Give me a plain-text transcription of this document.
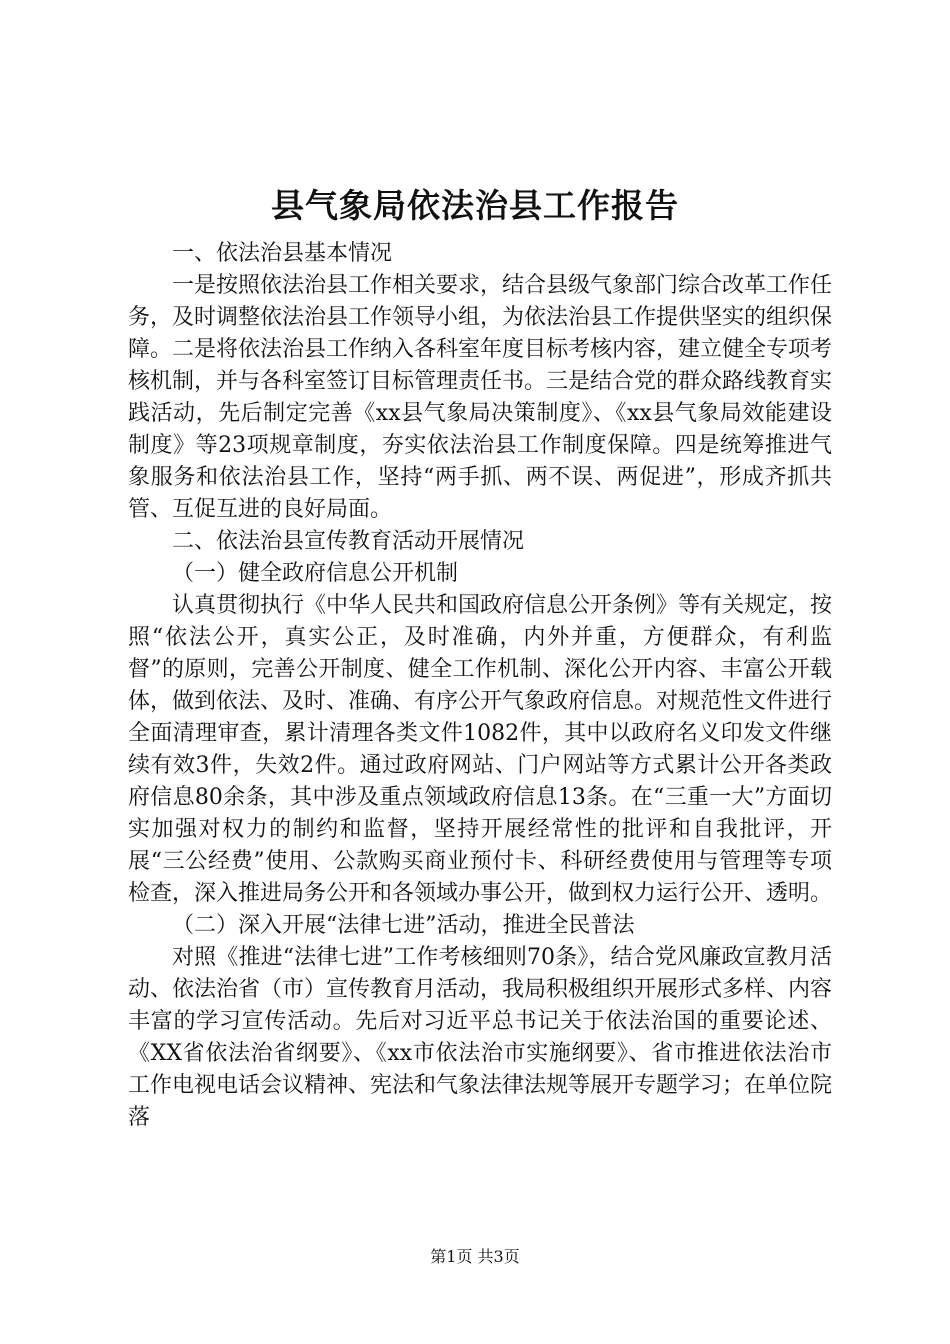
县气象局依法治县工作报告

一、依法治县基本情况

一是按照依法治县工作相关要求，结合县级气象部门综合改革工作任务，及时调整依法治县工作领导小组，为依法治县工作提供坚实的组织保障。二是将依法治县工作纳入各科室年度目标考核内容，建立健全专项考核机制，并与各科室签订目标管理责任书。三是结合党的群众路线教育实践活动，先后制定完善《xx县气象局决策制度》、《xx县气象局效能建设制度》等23项规章制度，夯实依法治县工作制度保障。四是统筹推进气象服务和依法治县工作，坚持“两手抓、两不误、两促进”，形成齐抓共管、互促互进的良好局面。

二、依法治县宣传教育活动开展情况

（一）健全政府信息公开机制

认真贯彻执行《中华人民共和国政府信息公开条例》等有关规定，按照“依法公开，真实公正，及时准确，内外并重，方便群众，有利监督”的原则，完善公开制度、健全工作机制、深化公开内容、丰富公开载体，做到依法、及时、准确、有序公开气象政府信息。对规范性文件进行全面清理审查，累计清理各类文件1082件，其中以政府名义印发文件继续有效3件，失效2件。通过政府网站、门户网站等方式累计公开各类政府信息80余条，其中涉及重点领域政府信息13条。在“三重一大”方面切实加强对权力的制约和监督，坚持开展经常性的批评和自我批评，开展“三公经费”使用、公款购买商业预付卡、科研经费使用与管理等专项检查，深入推进局务公开和各领域办事公开，做到权力运行公开、透明。

（二）深入开展“法律七进”活动，推进全民普法

对照《推进“法律七进”工作考核细则70条》，结合党风廉政宣教月活动、依法治省（市）宣传教育月活动，我局积极组织开展形式多样、内容丰富的学习宣传活动。先后对习近平总书记关于依法治国的重要论述、《XX省依法治省纲要》、《xx市依法治市实施纲要》、省市推进依法治市工作电视电话会议精神、宪法和气象法律法规等展开专题学习；在单位院落

第1页 共3页
